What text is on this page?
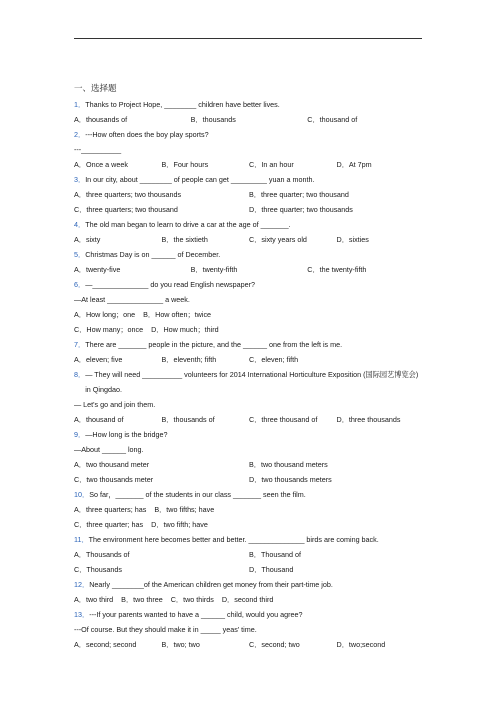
一、选择题
1． Thanks to Project Hope, ________ children have better lives.
A．thousands of	B．thousands	C．thousand of
2． ---How often does the boy play sports?
---__________
A．Once a week	B．Four hours	C．In an hour	D．At 7pm
3． In our city, about ________ of people can get _________ yuan a month.
A．three quarters; two thousands	B．three quarter; two thousand
C．three quarters; two thousand	D．three quarter; two thousands
4． The old man began to learn to drive a car at the age of _______.
A．sixty	B．the sixtieth	C．sixty years old	D．sixties
5． Christmas Day is on ______ of December.
A．twenty-five	B．twenty-fifth	C．the twenty-fifth
6． —______________ do you read English newspaper?
—At least ______________ a week.
A．How long；one B．How often；twice
C．How many；once D．How much；third
7． There are _______ people in the picture, and the ______ one from the left is me.
A．eleven; five	B．eleventh; fifth	C．eleven; fifth
8． — They will need __________ volunteers for 2014 International Horticulture Exposition (国际园艺博览会) in Qingdao.
— Let's go and join them.
A．thousand of	B．thousands of	C．three thousand of	D．three thousands
9． —How long is the bridge?
—About ______ long.
A．two thousand meter	B．two thousand meters
C．two thousands meter	D．two thousands meters
10． So far，_______ of the students in our class _______ seen the film.
A．three quarters; has B．two fifths; have
C．three quarter; has D．two fifth; have
11． The environment here becomes better and better. ______________ birds are coming back.
A．Thousands of	B．Thousand of
C．Thousands	D．Thousand
12． Nearly ________of the American children get money from their part-time job.
A．two third B．two three C．two thirds D．second third
13． ---If your parents wanted to have a ______ child, would you agree?
---Of course. But they should make it in _____ yeas' time.
A．second; second	B．two; two	C．second; two	D．two;second
